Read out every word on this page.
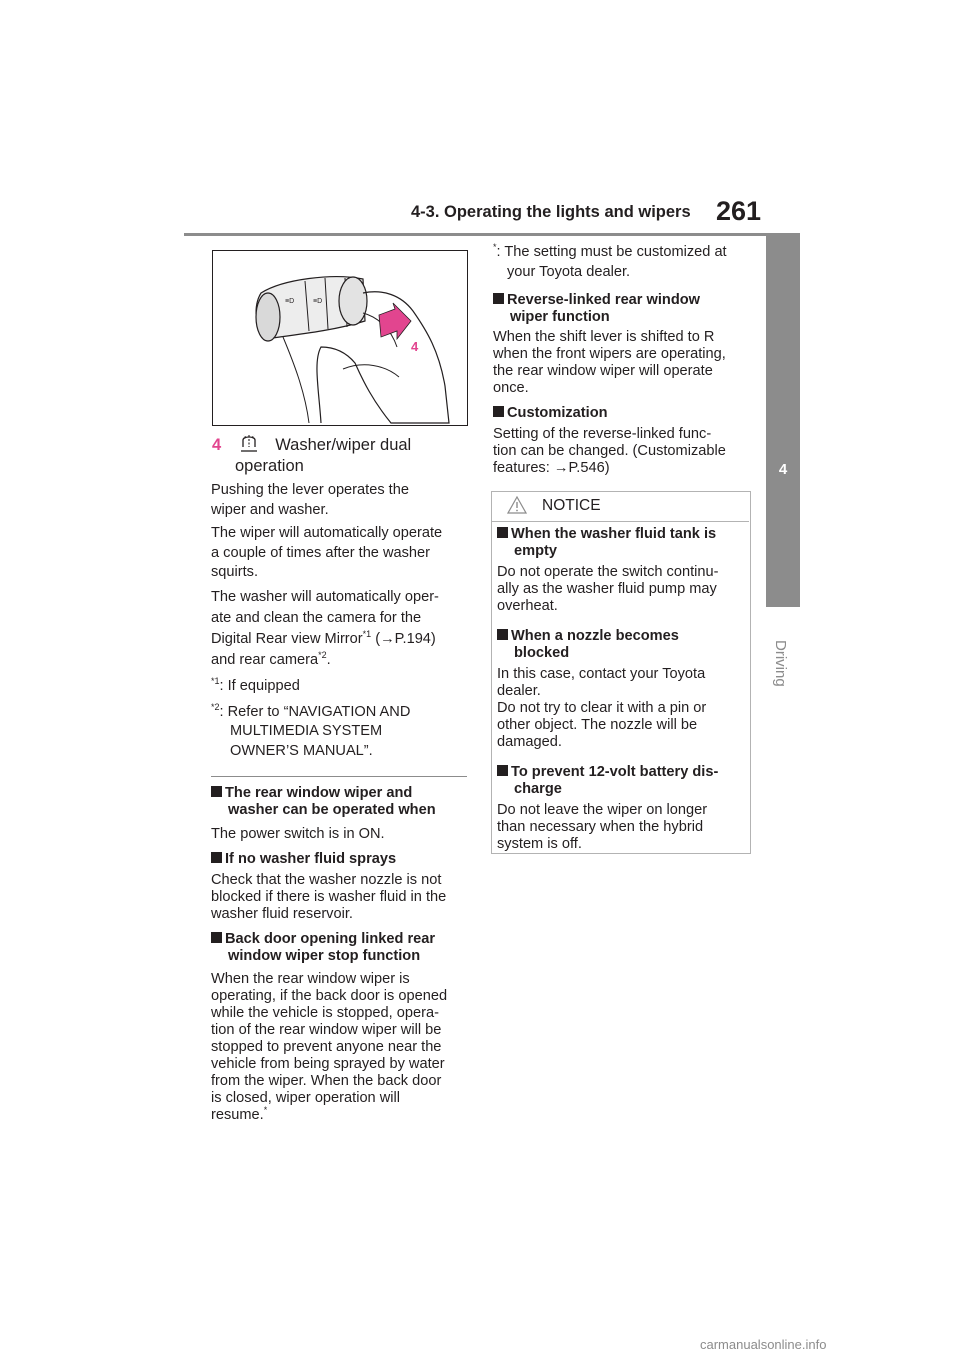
4-3. Operating the lights and wipers 261
4
Driving
≡D	≡D
4
4	Washer/wiper dual
operation

Pushing the lever operates the
wiper and washer.

The wiper will automatically operate
a couple of times after the washer
squirts.

The washer will automatically oper-
ate and clean the camera for the
Digital Rear view Mirror$^{*1}$ (→P.194)
and rear camera$^{*2}$.

$^{*1}$: If equipped

$^{*2}$: Refer to “NAVIGATION AND
MULTIMEDIA SYSTEM
OWNER’S MANUAL”.

The rear window wiper and
washer can be operated when

The power switch is in ON.

If no washer fluid sprays

Check that the washer nozzle is not
blocked if there is washer fluid in the
washer fluid reservoir.

Back door opening linked rear
window wiper stop function

When the rear window wiper is
operating, if the back door is opened
while the vehicle is stopped, opera-
tion of the rear window wiper will be
stopped to prevent anyone near the
vehicle from being sprayed by water
from the wiper. When the back door
is closed, wiper operation will
resume.*

*: The setting must be customized at
your Toyota dealer.

Reverse-linked rear window
wiper function

When the shift lever is shifted to R
when the front wipers are operating,
the rear window wiper will operate
once.

Customization

Setting of the reverse-linked func-
tion can be changed. (Customizable
features: →P.546)

NOTICE
When the washer fluid tank is
empty

Do not operate the switch continu-
ally as the washer fluid pump may
overheat.

When a nozzle becomes
blocked

In this case, contact your Toyota
dealer.
Do not try to clear it with a pin or
other object. The nozzle will be
damaged.

To prevent 12-volt battery dis-
charge

Do not leave the wiper on longer
than necessary when the hybrid
system is off.

carmanualsonline.info
